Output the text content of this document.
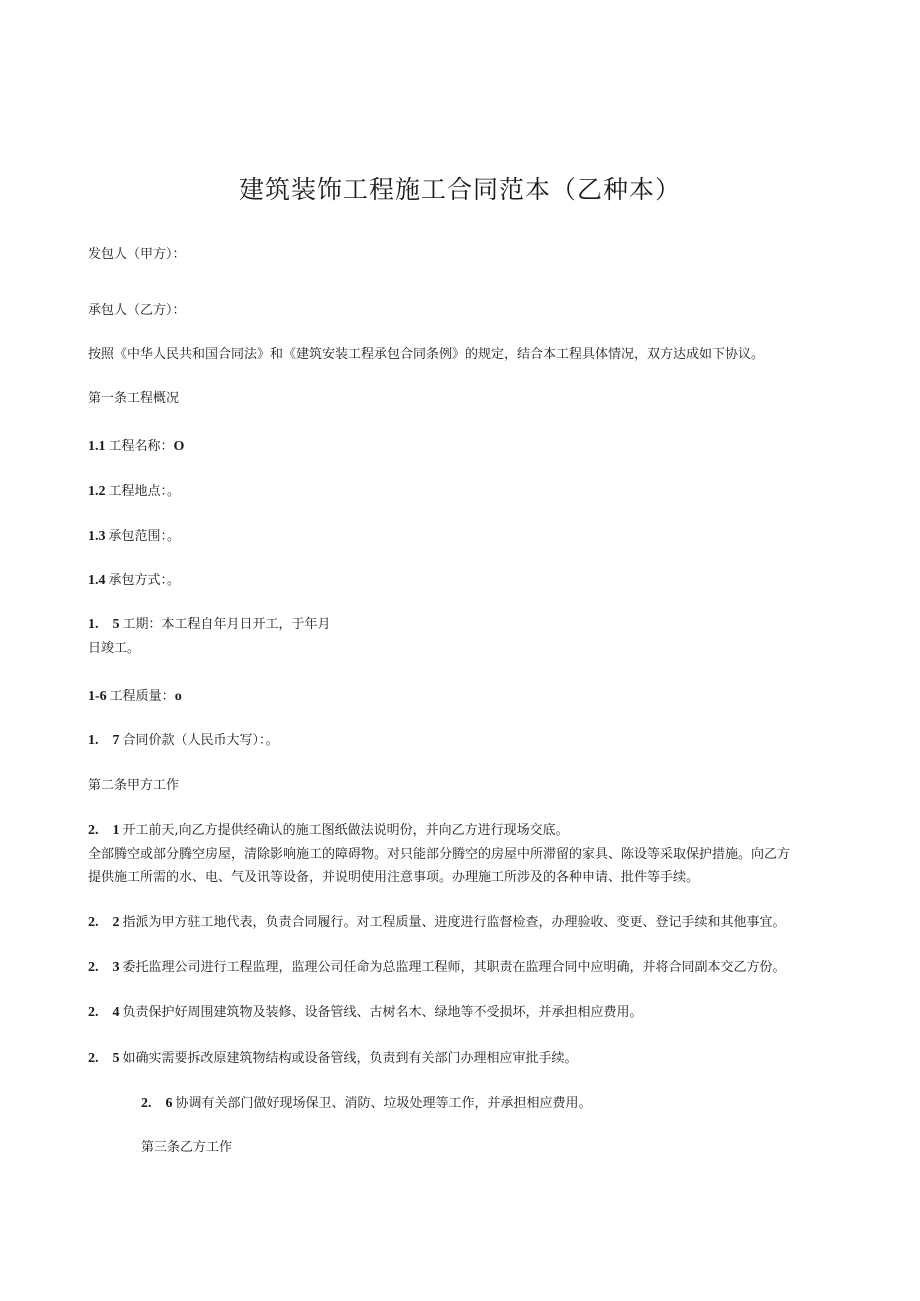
建筑装饰工程施工合同范本（乙种本）
发包人（甲方）：
承包人（乙方）：
按照《中华人民共和国合同法》和《建筑安装工程承包合同条例》的规定，结合本工程具体情况，双方达成如下协议。
第一条工程概况
1.1 工程名称：O
1.2 工程地点：。
1.3 承包范围：。
1.4 承包方式：。
1. 5 工期：本工程自年月日开工，于年月
日竣工。
1-6 工程质量：o
1. 7 合同价款（人民币大写）：。
第二条甲方工作
2. 1 开工前天,向乙方提供经确认的施工图纸做法说明份，并向乙方进行现场交底。
全部腾空或部分腾空房屋，清除影响施工的障碍物。对只能部分腾空的房屋中所滞留的家具、陈设等采取保护措施。向乙方
提供施工所需的水、电、气及讯等设备，并说明使用注意事项。办理施工所涉及的各种申请、批件等手续。
2. 2 指派为甲方驻工地代表，负责合同履行。对工程质量、进度进行监督检查，办理验收、变更、登记手续和其他事宜。
2. 3 委托监理公司进行工程监理，监理公司任命为总监理工程师，其职责在监理合同中应明确，并将合同副本交乙方份。
2. 4 负责保护好周围建筑物及装修、设备管线、古树名木、绿地等不受损坏，并承担相应费用。
2. 5 如确实需要拆改原建筑物结构或设备管线，负责到有关部门办理相应审批手续。
2. 6 协调有关部门做好现场保卫、消防、垃圾处理等工作，并承担相应费用。
第三条乙方工作
